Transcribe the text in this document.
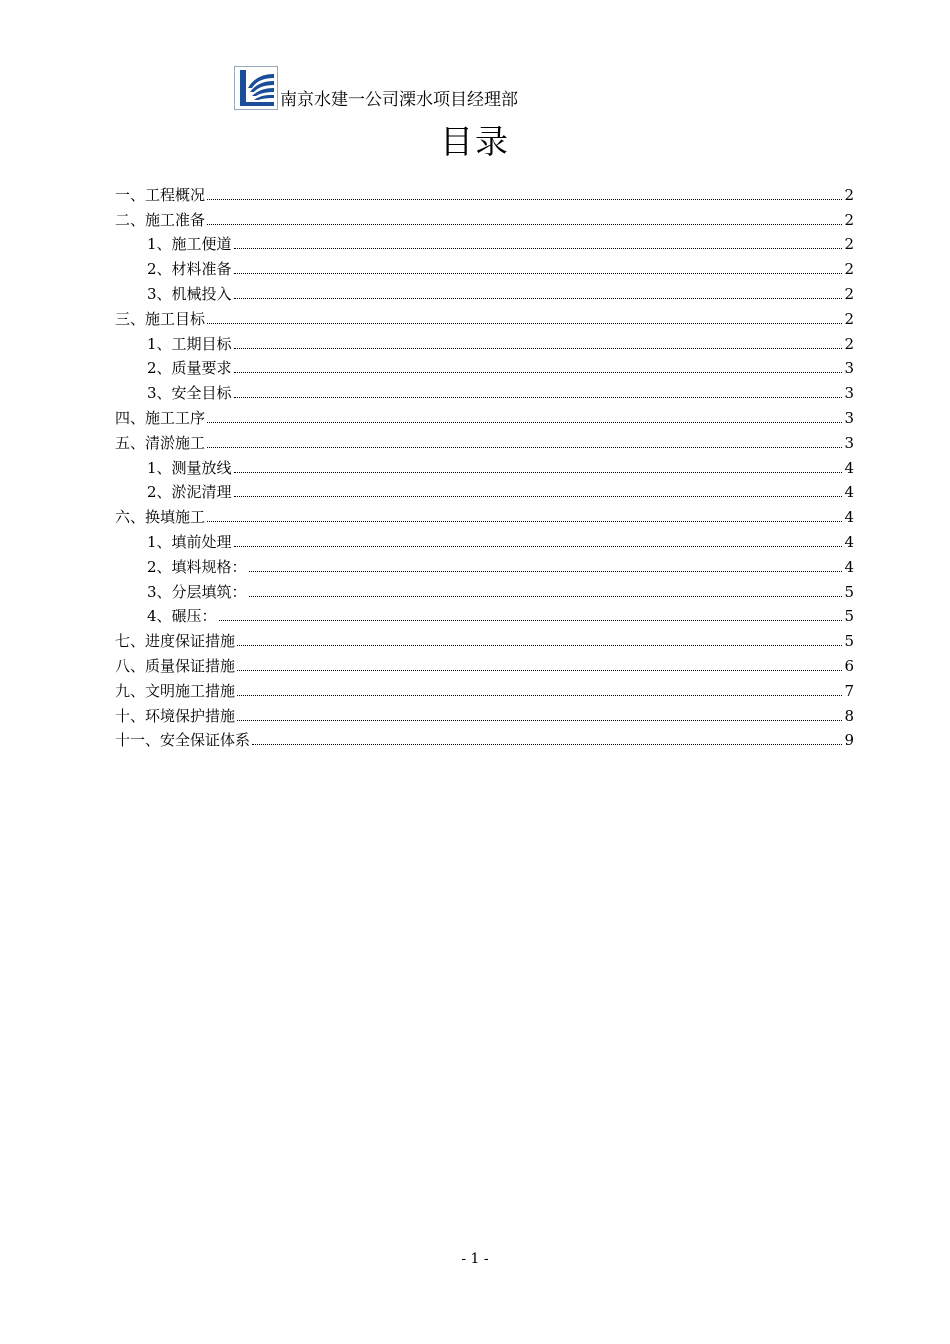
南京水建一公司溧水项目经理部
目录
一、工程概况	2
二、施工准备	2
1、施工便道	2
2、材料准备	2
3、机械投入	2
三、施工目标	2
1、工期目标	2
2、质量要求	3
3、安全目标	3
四、施工工序	3
五、清淤施工	3
1、测量放线	4
2、淤泥清理	4
六、换填施工	4
1、填前处理	4
2、填料规格：	4
3、分层填筑：	5
4、碾压：	5
七、进度保证措施	5
八、质量保证措施	6
九、文明施工措施	7
十、环境保护措施	8
十一、安全保证体系	9
- 1 -
